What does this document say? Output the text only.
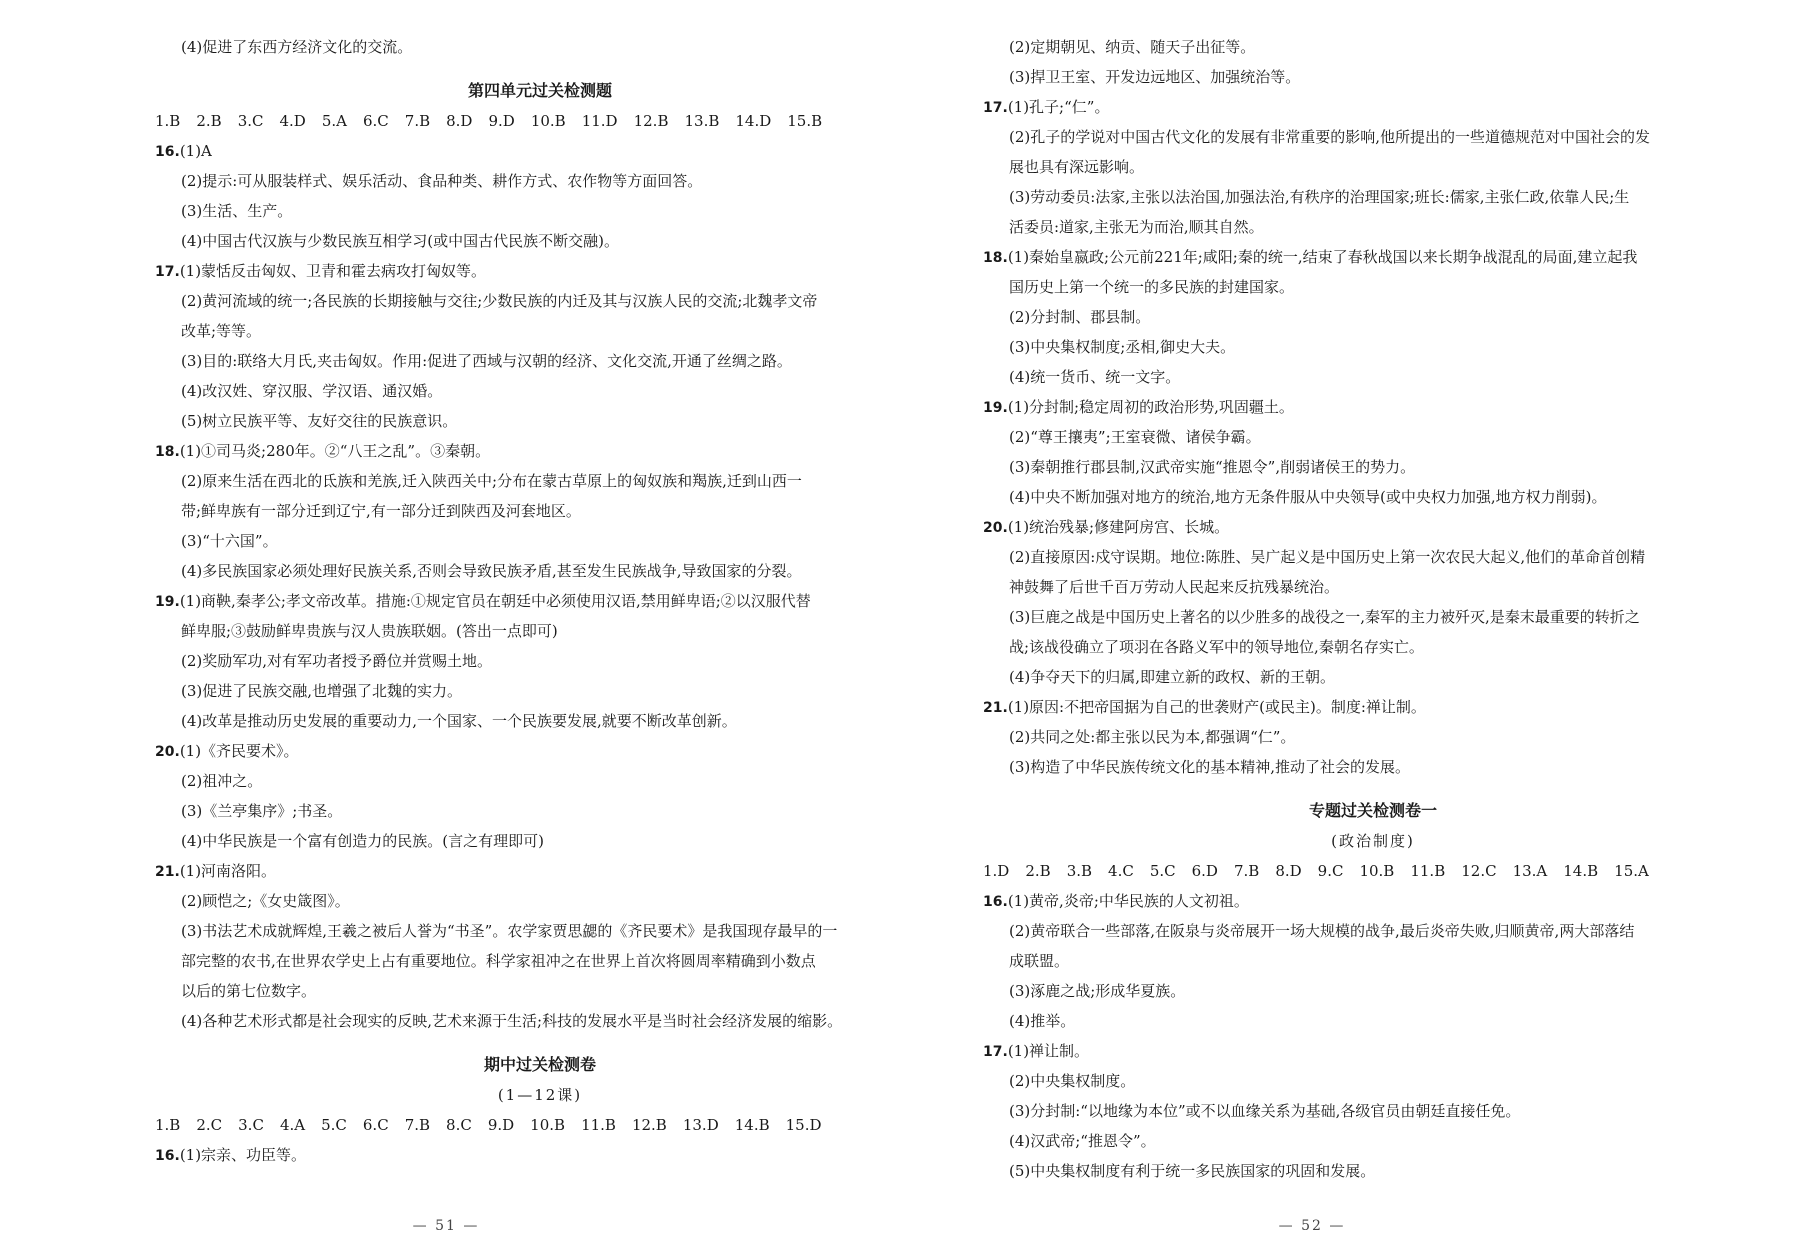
(4)促进了东西方经济文化的交流。
第四单元过关检测题
1.B 2.B 3.C 4.D 5.A 6.C 7.B 8.D 9.D 10.B 11.D 12.B 13.B 14.D 15.B
16.(1)A
(2)提示:可从服装样式、娱乐活动、食品种类、耕作方式、农作物等方面回答。
(3)生活、生产。
(4)中国古代汉族与少数民族互相学习(或中国古代民族不断交融)。
17.(1)蒙恬反击匈奴、卫青和霍去病攻打匈奴等。
(2)黄河流域的统一;各民族的长期接触与交往;少数民族的内迁及其与汉族人民的交流;北魏孝文帝
改革;等等。
(3)目的:联络大月氏,夹击匈奴。作用:促进了西域与汉朝的经济、文化交流,开通了丝绸之路。
(4)改汉姓、穿汉服、学汉语、通汉婚。
(5)树立民族平等、友好交往的民族意识。
18.(1)①司马炎;280年。②“八王之乱”。③秦朝。
(2)原来生活在西北的氐族和羌族,迁入陕西关中;分布在蒙古草原上的匈奴族和羯族,迁到山西一
带;鲜卑族有一部分迁到辽宁,有一部分迁到陕西及河套地区。
(3)“十六国”。
(4)多民族国家必须处理好民族关系,否则会导致民族矛盾,甚至发生民族战争,导致国家的分裂。
19.(1)商鞅,秦孝公;孝文帝改革。措施:①规定官员在朝廷中必须使用汉语,禁用鲜卑语;②以汉服代替
鲜卑服;③鼓励鲜卑贵族与汉人贵族联姻。(答出一点即可)
(2)奖励军功,对有军功者授予爵位并赏赐土地。
(3)促进了民族交融,也增强了北魏的实力。
(4)改革是推动历史发展的重要动力,一个国家、一个民族要发展,就要不断改革创新。
20.(1)《齐民要术》。
(2)祖冲之。
(3)《兰亭集序》;书圣。
(4)中华民族是一个富有创造力的民族。(言之有理即可)
21.(1)河南洛阳。
(2)顾恺之;《女史箴图》。
(3)书法艺术成就辉煌,王羲之被后人誉为“书圣”。农学家贾思勰的《齐民要术》是我国现存最早的一
部完整的农书,在世界农学史上占有重要地位。科学家祖冲之在世界上首次将圆周率精确到小数点
以后的第七位数字。
(4)各种艺术形式都是社会现实的反映,艺术来源于生活;科技的发展水平是当时社会经济发展的缩影。
期中过关检测卷
(1—12课)
1.B 2.C 3.C 4.A 5.C 6.C 7.B 8.C 9.D 10.B 11.B 12.B 13.D 14.B 15.D
16.(1)宗亲、功臣等。
— 51 —
(2)定期朝见、纳贡、随天子出征等。
(3)捍卫王室、开发边远地区、加强统治等。
17.(1)孔子;“仁”。
(2)孔子的学说对中国古代文化的发展有非常重要的影响,他所提出的一些道德规范对中国社会的发
展也具有深远影响。
(3)劳动委员:法家,主张以法治国,加强法治,有秩序的治理国家;班长:儒家,主张仁政,依靠人民;生
活委员:道家,主张无为而治,顺其自然。
18.(1)秦始皇嬴政;公元前221年;咸阳;秦的统一,结束了春秋战国以来长期争战混乱的局面,建立起我
国历史上第一个统一的多民族的封建国家。
(2)分封制、郡县制。
(3)中央集权制度;丞相,御史大夫。
(4)统一货币、统一文字。
19.(1)分封制;稳定周初的政治形势,巩固疆土。
(2)“尊王攘夷”;王室衰微、诸侯争霸。
(3)秦朝推行郡县制,汉武帝实施“推恩令”,削弱诸侯王的势力。
(4)中央不断加强对地方的统治,地方无条件服从中央领导(或中央权力加强,地方权力削弱)。
20.(1)统治残暴;修建阿房宫、长城。
(2)直接原因:戍守误期。地位:陈胜、吴广起义是中国历史上第一次农民大起义,他们的革命首创精
神鼓舞了后世千百万劳动人民起来反抗残暴统治。
(3)巨鹿之战是中国历史上著名的以少胜多的战役之一,秦军的主力被歼灭,是秦末最重要的转折之
战;该战役确立了项羽在各路义军中的领导地位,秦朝名存实亡。
(4)争夺天下的归属,即建立新的政权、新的王朝。
21.(1)原因:不把帝国据为自己的世袭财产(或民主)。制度:禅让制。
(2)共同之处:都主张以民为本,都强调“仁”。
(3)构造了中华民族传统文化的基本精神,推动了社会的发展。
专题过关检测卷一
(政治制度)
1.D 2.B 3.B 4.C 5.C 6.D 7.B 8.D 9.C 10.B 11.B 12.C 13.A 14.B 15.A
16.(1)黄帝,炎帝;中华民族的人文初祖。
(2)黄帝联合一些部落,在阪泉与炎帝展开一场大规模的战争,最后炎帝失败,归顺黄帝,两大部落结
成联盟。
(3)涿鹿之战;形成华夏族。
(4)推举。
17.(1)禅让制。
(2)中央集权制度。
(3)分封制:“以地缘为本位”或不以血缘关系为基础,各级官员由朝廷直接任免。
(4)汉武帝;“推恩令”。
(5)中央集权制度有利于统一多民族国家的巩固和发展。
— 52 —
